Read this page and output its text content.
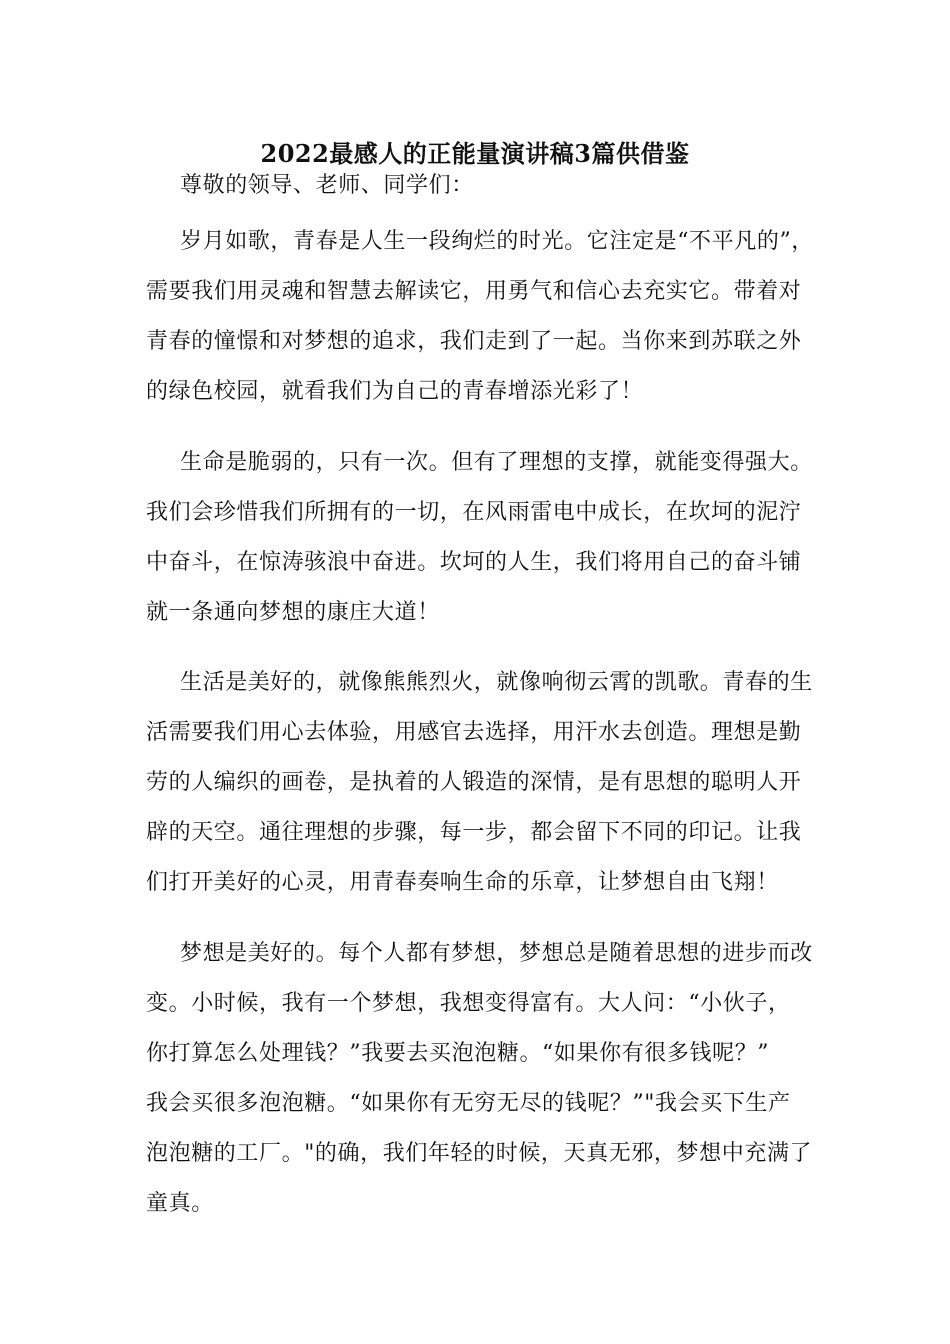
2022最感人的正能量演讲稿3篇供借鉴
尊敬的领导、老师、同学们：
岁月如歌，青春是人生一段绚烂的时光。它注定是“不平凡的”，
需要我们用灵魂和智慧去解读它，用勇气和信心去充实它。带着对
青春的憧憬和对梦想的追求，我们走到了一起。当你来到苏联之外
的绿色校园，就看我们为自己的青春增添光彩了！
生命是脆弱的，只有一次。但有了理想的支撑，就能变得强大。
我们会珍惜我们所拥有的一切，在风雨雷电中成长，在坎坷的泥泞
中奋斗，在惊涛骇浪中奋进。坎坷的人生，我们将用自己的奋斗铺
就一条通向梦想的康庄大道！
生活是美好的，就像熊熊烈火，就像响彻云霄的凯歌。青春的生
活需要我们用心去体验，用感官去选择，用汗水去创造。理想是勤
劳的人编织的画卷，是执着的人锻造的深情，是有思想的聪明人开
辟的天空。通往理想的步骤，每一步，都会留下不同的印记。让我
们打开美好的心灵，用青春奏响生命的乐章，让梦想自由飞翔！
梦想是美好的。每个人都有梦想，梦想总是随着思想的进步而改
变。小时候，我有一个梦想，我想变得富有。大人问：“小伙子，
你打算怎么处理钱？”我要去买泡泡糖。“如果你有很多钱呢？”
我会买很多泡泡糖。“如果你有无穷无尽的钱呢？”"我会买下生产
泡泡糖的工厂。"的确，我们年轻的时候，天真无邪，梦想中充满了
童真。
